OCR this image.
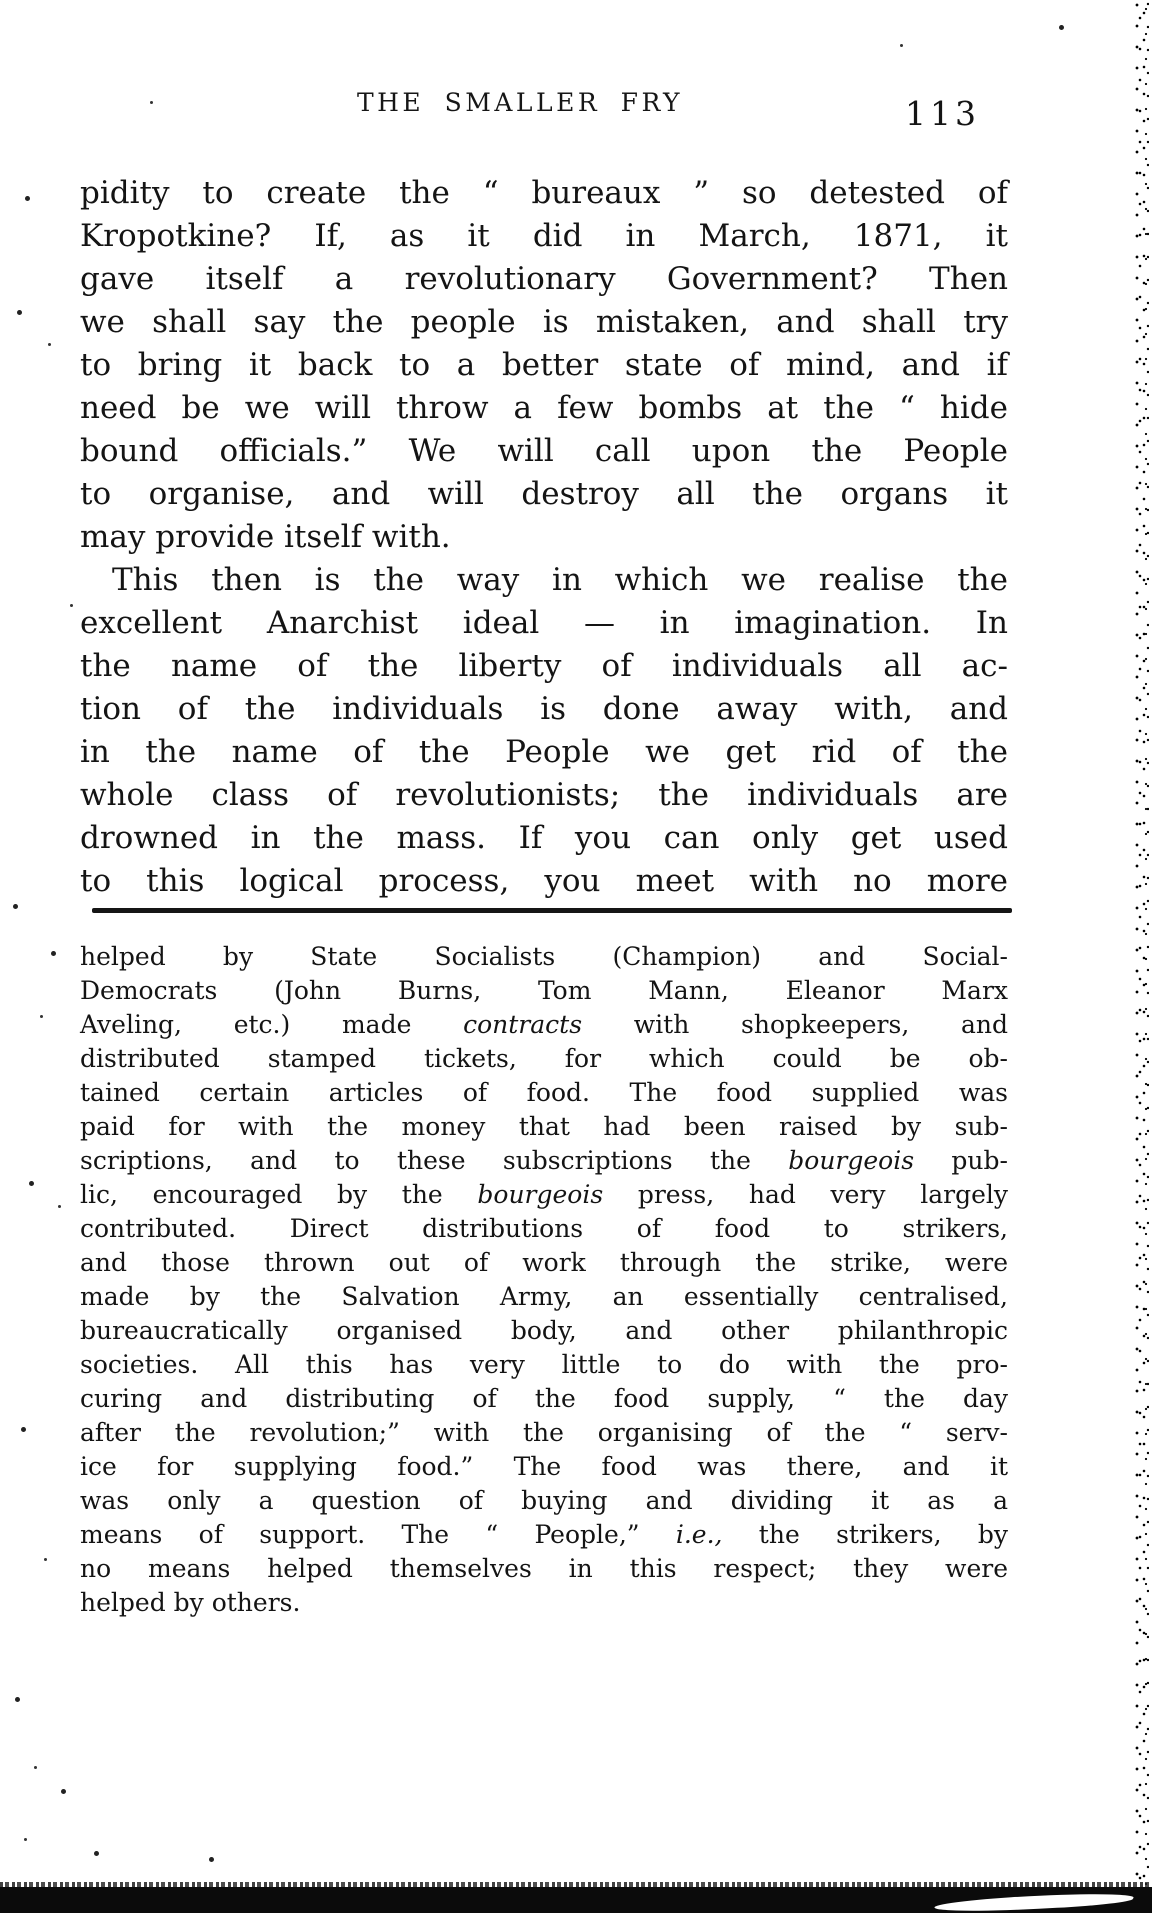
THE SMALLER FRY	113
pidity to create the “ bureaux ” so detested of
Kropotkine? If, as it did in March, 1871, it
gave itself a revolutionary Government? Then
we shall say the people is mistaken, and shall try
to bring it back to a better state of mind, and if
need be we will throw a few bombs at the “ hide
bound officials.” We will call upon the People
to organise, and will destroy all the organs it
may provide itself with.
This then is the way in which we realise the
excellent Anarchist ideal — in imagination. In
the name of the liberty of individuals all ac-
tion of the individuals is done away with, and
in the name of the People we get rid of the
whole class of revolutionists; the individuals are
drowned in the mass. If you can only get used
to this logical process, you meet with no more
helped by State Socialists (Champion) and Social-
Democrats (John Burns, Tom Mann, Eleanor Marx
Aveling, etc.) made contracts with shopkeepers, and
distributed stamped tickets, for which could be ob-
tained certain articles of food. The food supplied was
paid for with the money that had been raised by sub-
scriptions, and to these subscriptions the bourgeois pub-
lic, encouraged by the bourgeois press, had very largely
contributed. Direct distributions of food to strikers,
and those thrown out of work through the strike, were
made by the Salvation Army, an essentially centralised,
bureaucratically organised body, and other philanthropic
societies. All this has very little to do with the pro-
curing and distributing of the food supply, “ the day
after the revolution;” with the organising of the “ serv-
ice for supplying food.” The food was there, and it
was only a question of buying and dividing it as a
means of support. The “ People,” i.e., the strikers, by
no means helped themselves in this respect; they were
helped by others.
